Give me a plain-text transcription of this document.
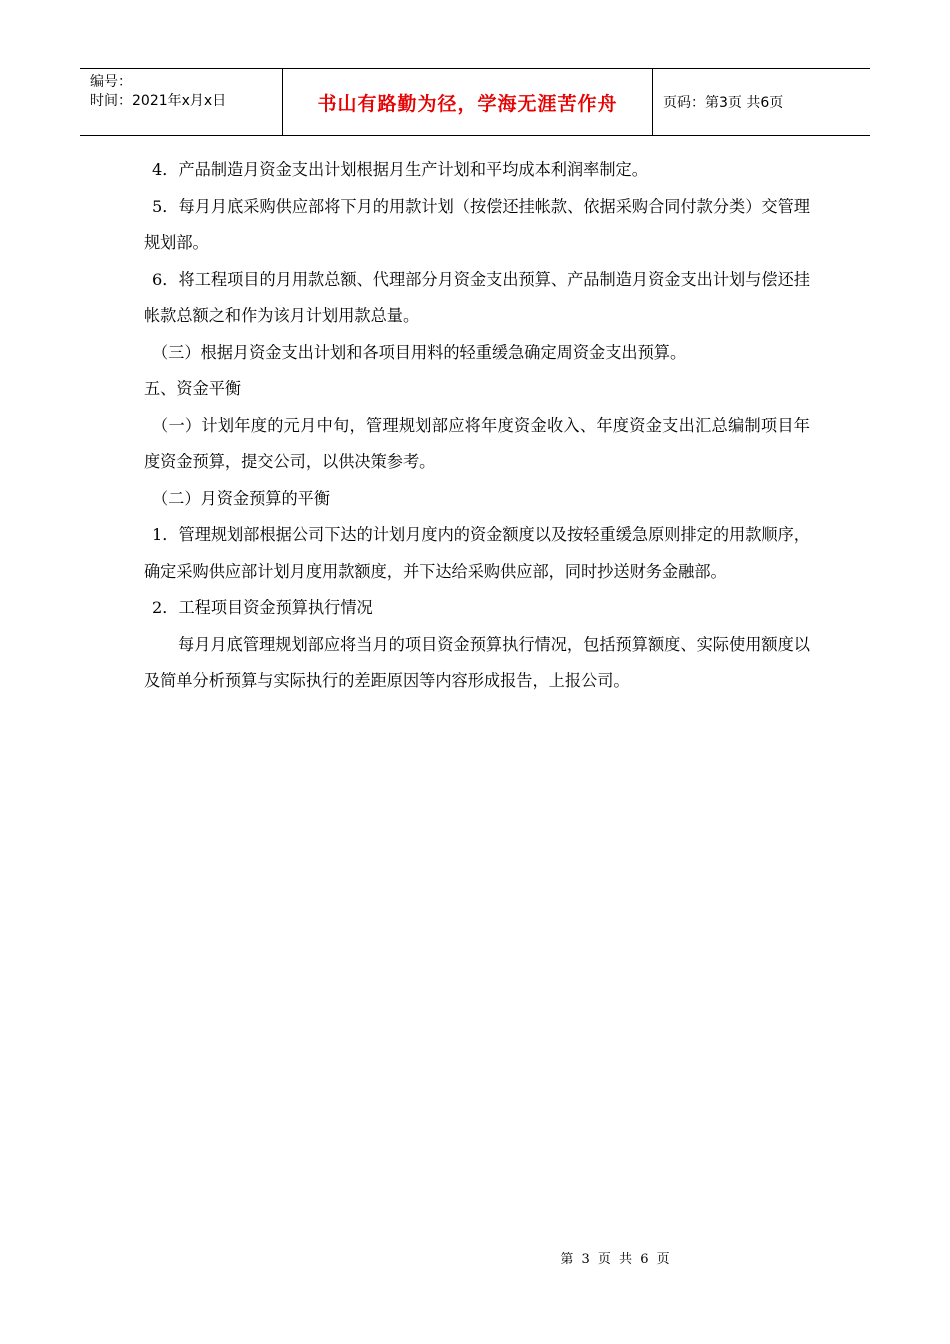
编号：
时间：2021年x月x日	书山有路勤为径，学海无涯苦作舟	页码：第3页 共6页

4．产品制造月资金支出计划根据月生产计划和平均成本利润率制定。

5．每月月底采购供应部将下月的用款计划（按偿还挂帐款、依据采购合同付款分类）交管理规划部。

6．将工程项目的月用款总额、代理部分月资金支出预算、产品制造月资金支出计划与偿还挂帐款总额之和作为该月计划用款总量。

（三）根据月资金支出计划和各项目用料的轻重缓急确定周资金支出预算。

五、资金平衡

（一）计划年度的元月中旬，管理规划部应将年度资金收入、年度资金支出汇总编制项目年度资金预算，提交公司，以供决策参考。

（二）月资金预算的平衡

1．管理规划部根据公司下达的计划月度内的资金额度以及按轻重缓急原则排定的用款顺序，确定采购供应部计划月度用款额度，并下达给采购供应部，同时抄送财务金融部。

2．工程项目资金预算执行情况

每月月底管理规划部应将当月的项目资金预算执行情况，包括预算额度、实际使用额度以及简单分析预算与实际执行的差距原因等内容形成报告，上报公司。

第 3 页 共 6 页
